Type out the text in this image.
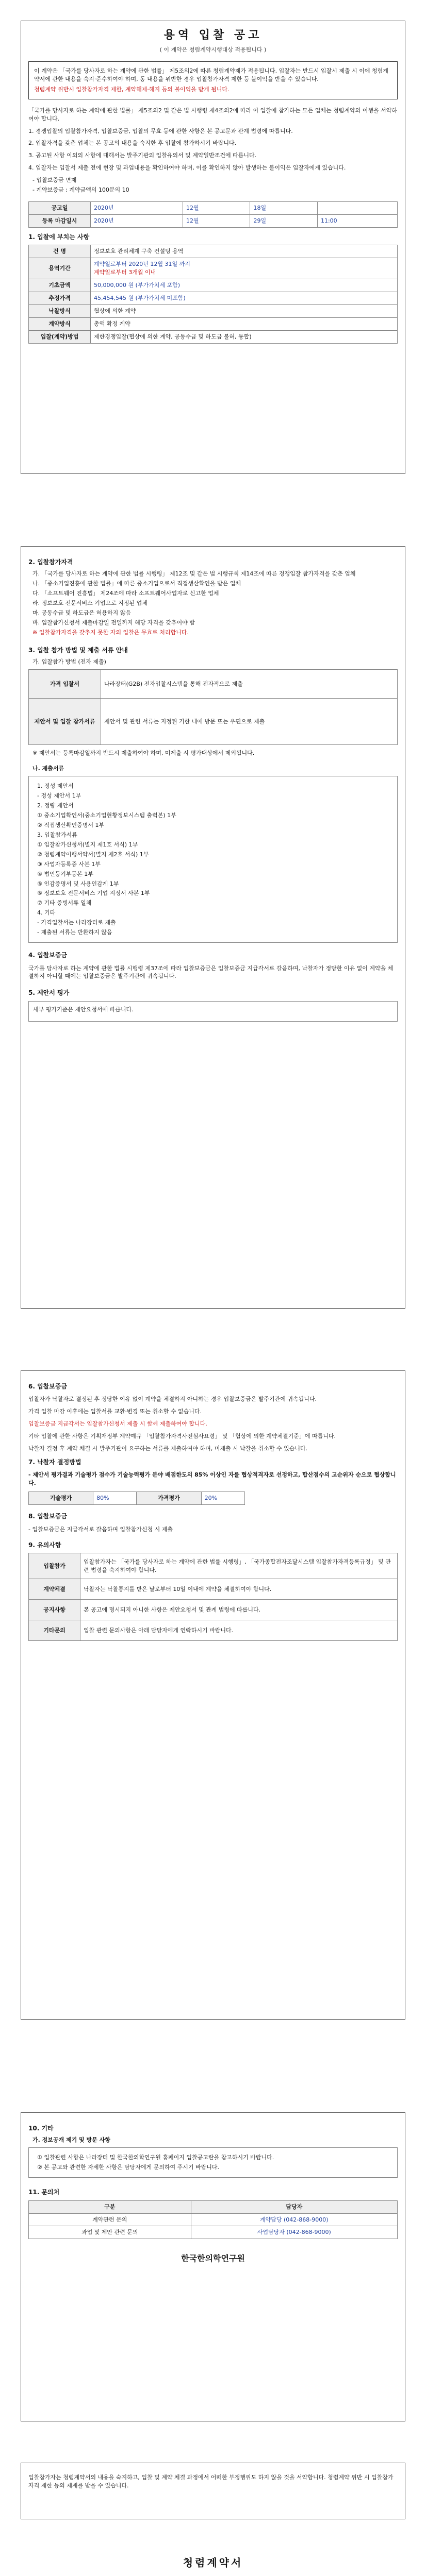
용역 입찰 공고
( 이 계약은 청렴계약시행대상 적용됩니다 )
이 계약은 「국가를 당사자로 하는 계약에 관한 법률」 제5조의2에 따른 청렴계약제가 적용됩니다. 입찰자는 반드시 입찰시 제출 시 이에 청렴계약서에 관한 내용을 숙지·준수하여야 하며, 동 내용을 위반한 경우 입찰참가자격 제한 등 불이익을 받을 수 있습니다.
청렴계약 위반시 입찰참가자격 제한, 계약해제·해지 등의 불이익을 받게 됩니다.
「국가를 당사자로 하는 계약에 관한 법률」 제5조의2 및 같은 법 시행령 제4조의2에 따라 이 입찰에 참가하는 모든 업체는 청렴계약의 이행을 서약하여야 합니다.
1. 경쟁입찰의 입찰참가자격, 입찰보증금, 입찰의 무효 등에 관한 사항은 본 공고문과 관계 법령에 따릅니다.
2. 입찰자격을 갖춘 업체는 본 공고의 내용을 숙지한 후 입찰에 참가하시기 바랍니다.
3. 공고된 사항 이외의 사항에 대해서는 발주기관의 입찰유의서 및 계약일반조건에 따릅니다.
4. 입찰자는 입찰서 제출 전에 현장 및 과업내용을 확인하여야 하며, 이를 확인하지 않아 발생하는 불이익은 입찰자에게 있습니다.
- 입찰보증금 면제
- 계약보증금 : 계약금액의 100분의 10
공고일	2020년	12월	18일	
등록 마감일시	2020년	12월	29일	11:00
1. 입찰에 부치는 사항
건 명	정보보호 관리체계 구축 컨설팅 용역
용역기간	계약일로부터 2020년 12월 31일 까지
계약일로부터 3개월 이내

기초금액	50,000,000 원 (부가가치세 포함)
추정가격	45,454,545 원 (부가가치세 미포함)
낙찰방식	협상에 의한 계약
계약방식	총액 확정 계약
입찰(계약)방법	제한경쟁입찰(협상에 의한 계약, 공동수급 및 하도급 불허, 통합)
2. 입찰참가자격
가. 「국가를 당사자로 하는 계약에 관한 법률 시행령」 제12조 및 같은 법 시행규칙 제14조에 따른 경쟁입찰 참가자격을 갖춘 업체
나. 「중소기업진흥에 관한 법률」에 따른 중소기업으로서 직접생산확인을 받은 업체
다. 「소프트웨어 진흥법」 제24조에 따라 소프트웨어사업자로 신고한 업체
라. 정보보호 전문서비스 기업으로 지정된 업체
마. 공동수급 및 하도급은 허용하지 않음
바. 입찰참가신청서 제출마감일 전일까지 해당 자격을 갖추어야 함
※ 입찰참가자격을 갖추지 못한 자의 입찰은 무효로 처리합니다.
3. 입찰 참가 방법 및 제출 서류 안내
가. 입찰참가 방법 (전자 제출)
가격 입찰서	나라장터(G2B) 전자입찰시스템을 통해 전자적으로 제출
제안서 및 입찰 참가서류	제안서 및 관련 서류는 지정된 기한 내에 방문 또는 우편으로 제출
※ 제안서는 등록마감일까지 반드시 제출하여야 하며, 미제출 시 평가대상에서 제외됩니다.
나. 제출서류
1. 정성 제안서
- 정성 제안서 1부
2. 정량 제안서
① 중소기업확인서(중소기업현황정보시스템 출력본) 1부
② 직접생산확인증명서 1부
3. 입찰참가서류
① 입찰참가신청서(별지 제1호 서식) 1부
② 청렴계약이행서약서(별지 제2호 서식) 1부
③ 사업자등록증 사본 1부
④ 법인등기부등본 1부
⑤ 인감증명서 및 사용인감계 1부
⑥ 정보보호 전문서비스 기업 지정서 사본 1부
⑦ 기타 증빙서류 일체
4. 기타
- 가격입찰서는 나라장터로 제출
- 제출된 서류는 반환하지 않음
4. 입찰보증금
국가를 당사자로 하는 계약에 관한 법률 시행령 제37조에 따라 입찰보증금은 입찰보증금 지급각서로 갈음하며, 낙찰자가 정당한 이유 없이 계약을 체결하지 아니할 때에는 입찰보증금은 발주기관에 귀속됩니다.
5. 제안서 평가
세부 평가기준은 제안요청서에 따릅니다.
6. 입찰보증금
입찰자가 낙찰자로 결정된 후 정당한 이유 없이 계약을 체결하지 아니하는 경우 입찰보증금은 발주기관에 귀속됩니다.
가격 입찰 마감 이후에는 입찰서를 교환·변경 또는 취소할 수 없습니다.
입찰보증금 지급각서는 입찰참가신청서 제출 시 함께 제출하여야 합니다.
기타 입찰에 관한 사항은 기획재정부 계약예규 「입찰참가자격사전심사요령」 및 「협상에 의한 계약체결기준」에 따릅니다.
낙찰자 결정 후 계약 체결 시 발주기관이 요구하는 서류를 제출하여야 하며, 미제출 시 낙찰을 취소할 수 있습니다.
7. 낙찰자 결정방법
- 제안서 평가결과 기술평가 점수가 기술능력평가 분야 배점한도의 85% 이상인 자를 협상적격자로 선정하고, 합산점수의 고순위자 순으로 협상합니다.
기술평가	80%	가격평가	20%
8. 입찰보증금
- 입찰보증금은 지급각서로 갈음하며 입찰참가신청 시 제출
9. 유의사항
입찰참가	입찰참가자는 「국가를 당사자로 하는 계약에 관한 법률 시행령」, 「국가종합전자조달시스템 입찰참가자격등록규정」 및 관련 법령을 숙지하여야 합니다.
계약체결	낙찰자는 낙찰통지를 받은 날로부터 10일 이내에 계약을 체결하여야 합니다.
공지사항	본 공고에 명시되지 아니한 사항은 제안요청서 및 관계 법령에 따릅니다.
기타문의	입찰 관련 문의사항은 아래 담당자에게 연락하시기 바랍니다.
10. 기타
가. 정보공개 제기 및 방문 사항
① 입찰관련 사항은 나라장터 및 한국한의학연구원 홈페이지 입찰공고란을 참고하시기 바랍니다.
② 본 공고와 관련한 자세한 사항은 담당자에게 문의하여 주시기 바랍니다.
11. 문의처
구분	담당자
계약관련 문의	계약담당 (042-868-9000)
과업 및 제안 관련 문의	사업담당자 (042-868-9000)
한국한의학연구원
입찰참가자는 청렴계약서의 내용을 숙지하고, 입찰 및 계약 체결 과정에서 어떠한 부정행위도 하지 않을 것을 서약합니다. 청렴계약 위반 시 입찰참가자격 제한 등의 제재를 받을 수 있습니다.
청렴계약서
